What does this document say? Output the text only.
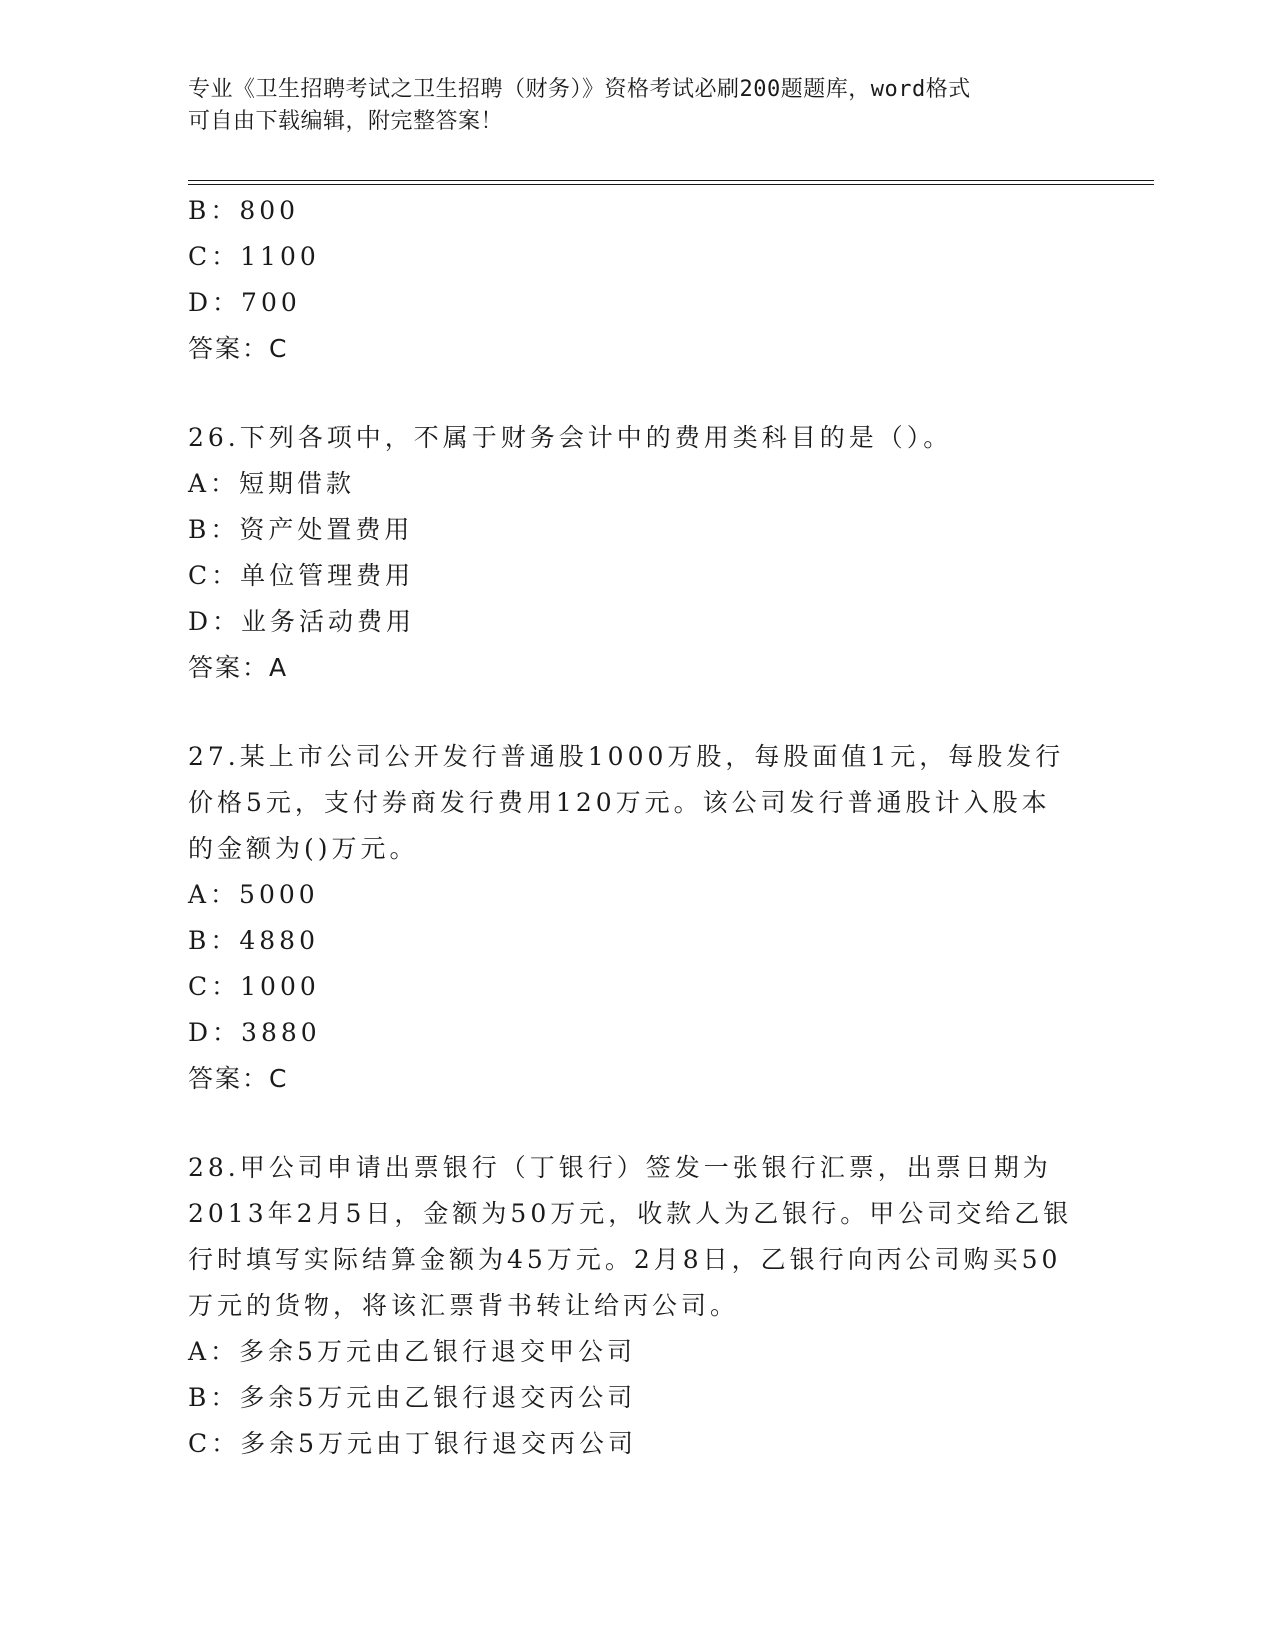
专业《卫生招聘考试之卫生招聘（财务）》资格考试必刷200题题库，word格式
可自由下载编辑，附完整答案！
B：800
C：1100
D：700
答案：C
26.下列各项中，不属于财务会计中的费用类科目的是（）。
A：短期借款
B：资产处置费用
C：单位管理费用
D：业务活动费用
答案：A
27.某上市公司公开发行普通股1000万股，每股面值1元，每股发行
价格5元，支付券商发行费用120万元。该公司发行普通股计入股本
的金额为()万元。
A：5000
B：4880
C：1000
D：3880
答案：C
28.甲公司申请出票银行（丁银行）签发一张银行汇票，出票日期为
2013年2月5日，金额为50万元，收款人为乙银行。甲公司交给乙银
行时填写实际结算金额为45万元。2月8日，乙银行向丙公司购买50
万元的货物，将该汇票背书转让给丙公司。
A：多余5万元由乙银行退交甲公司
B：多余5万元由乙银行退交丙公司
C：多余5万元由丁银行退交丙公司
